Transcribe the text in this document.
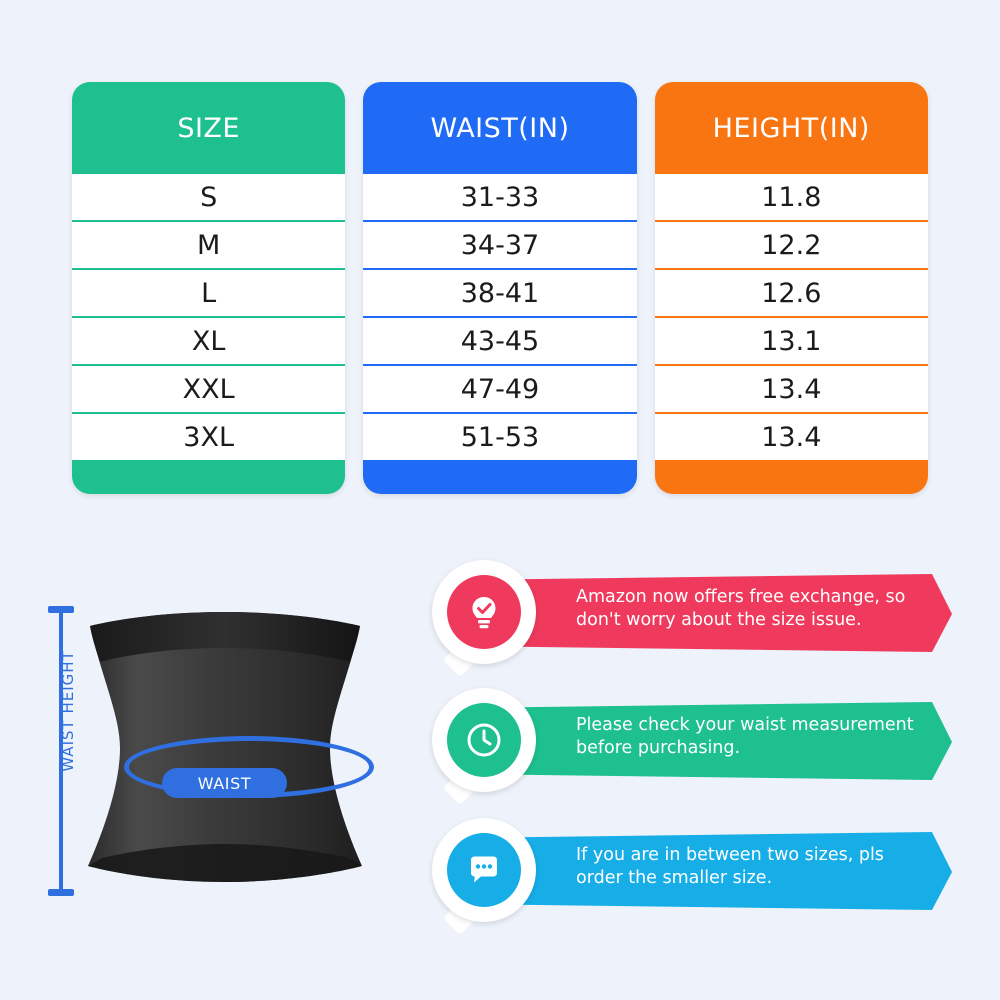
SIZE
S
M
L
XL
XXL
3XL
WAIST(IN)
31-33
34-37
38-41
43-45
47-49
51-53
HEIGHT(IN)
11.8
12.2
12.6
13.1
13.4
13.4
WAIST HEIGHT
WAIST
Amazon now offers free exchange, so don't worry about the size issue.
Please check your waist measurement before purchasing.
If you are in between two sizes, pls order the smaller size.
